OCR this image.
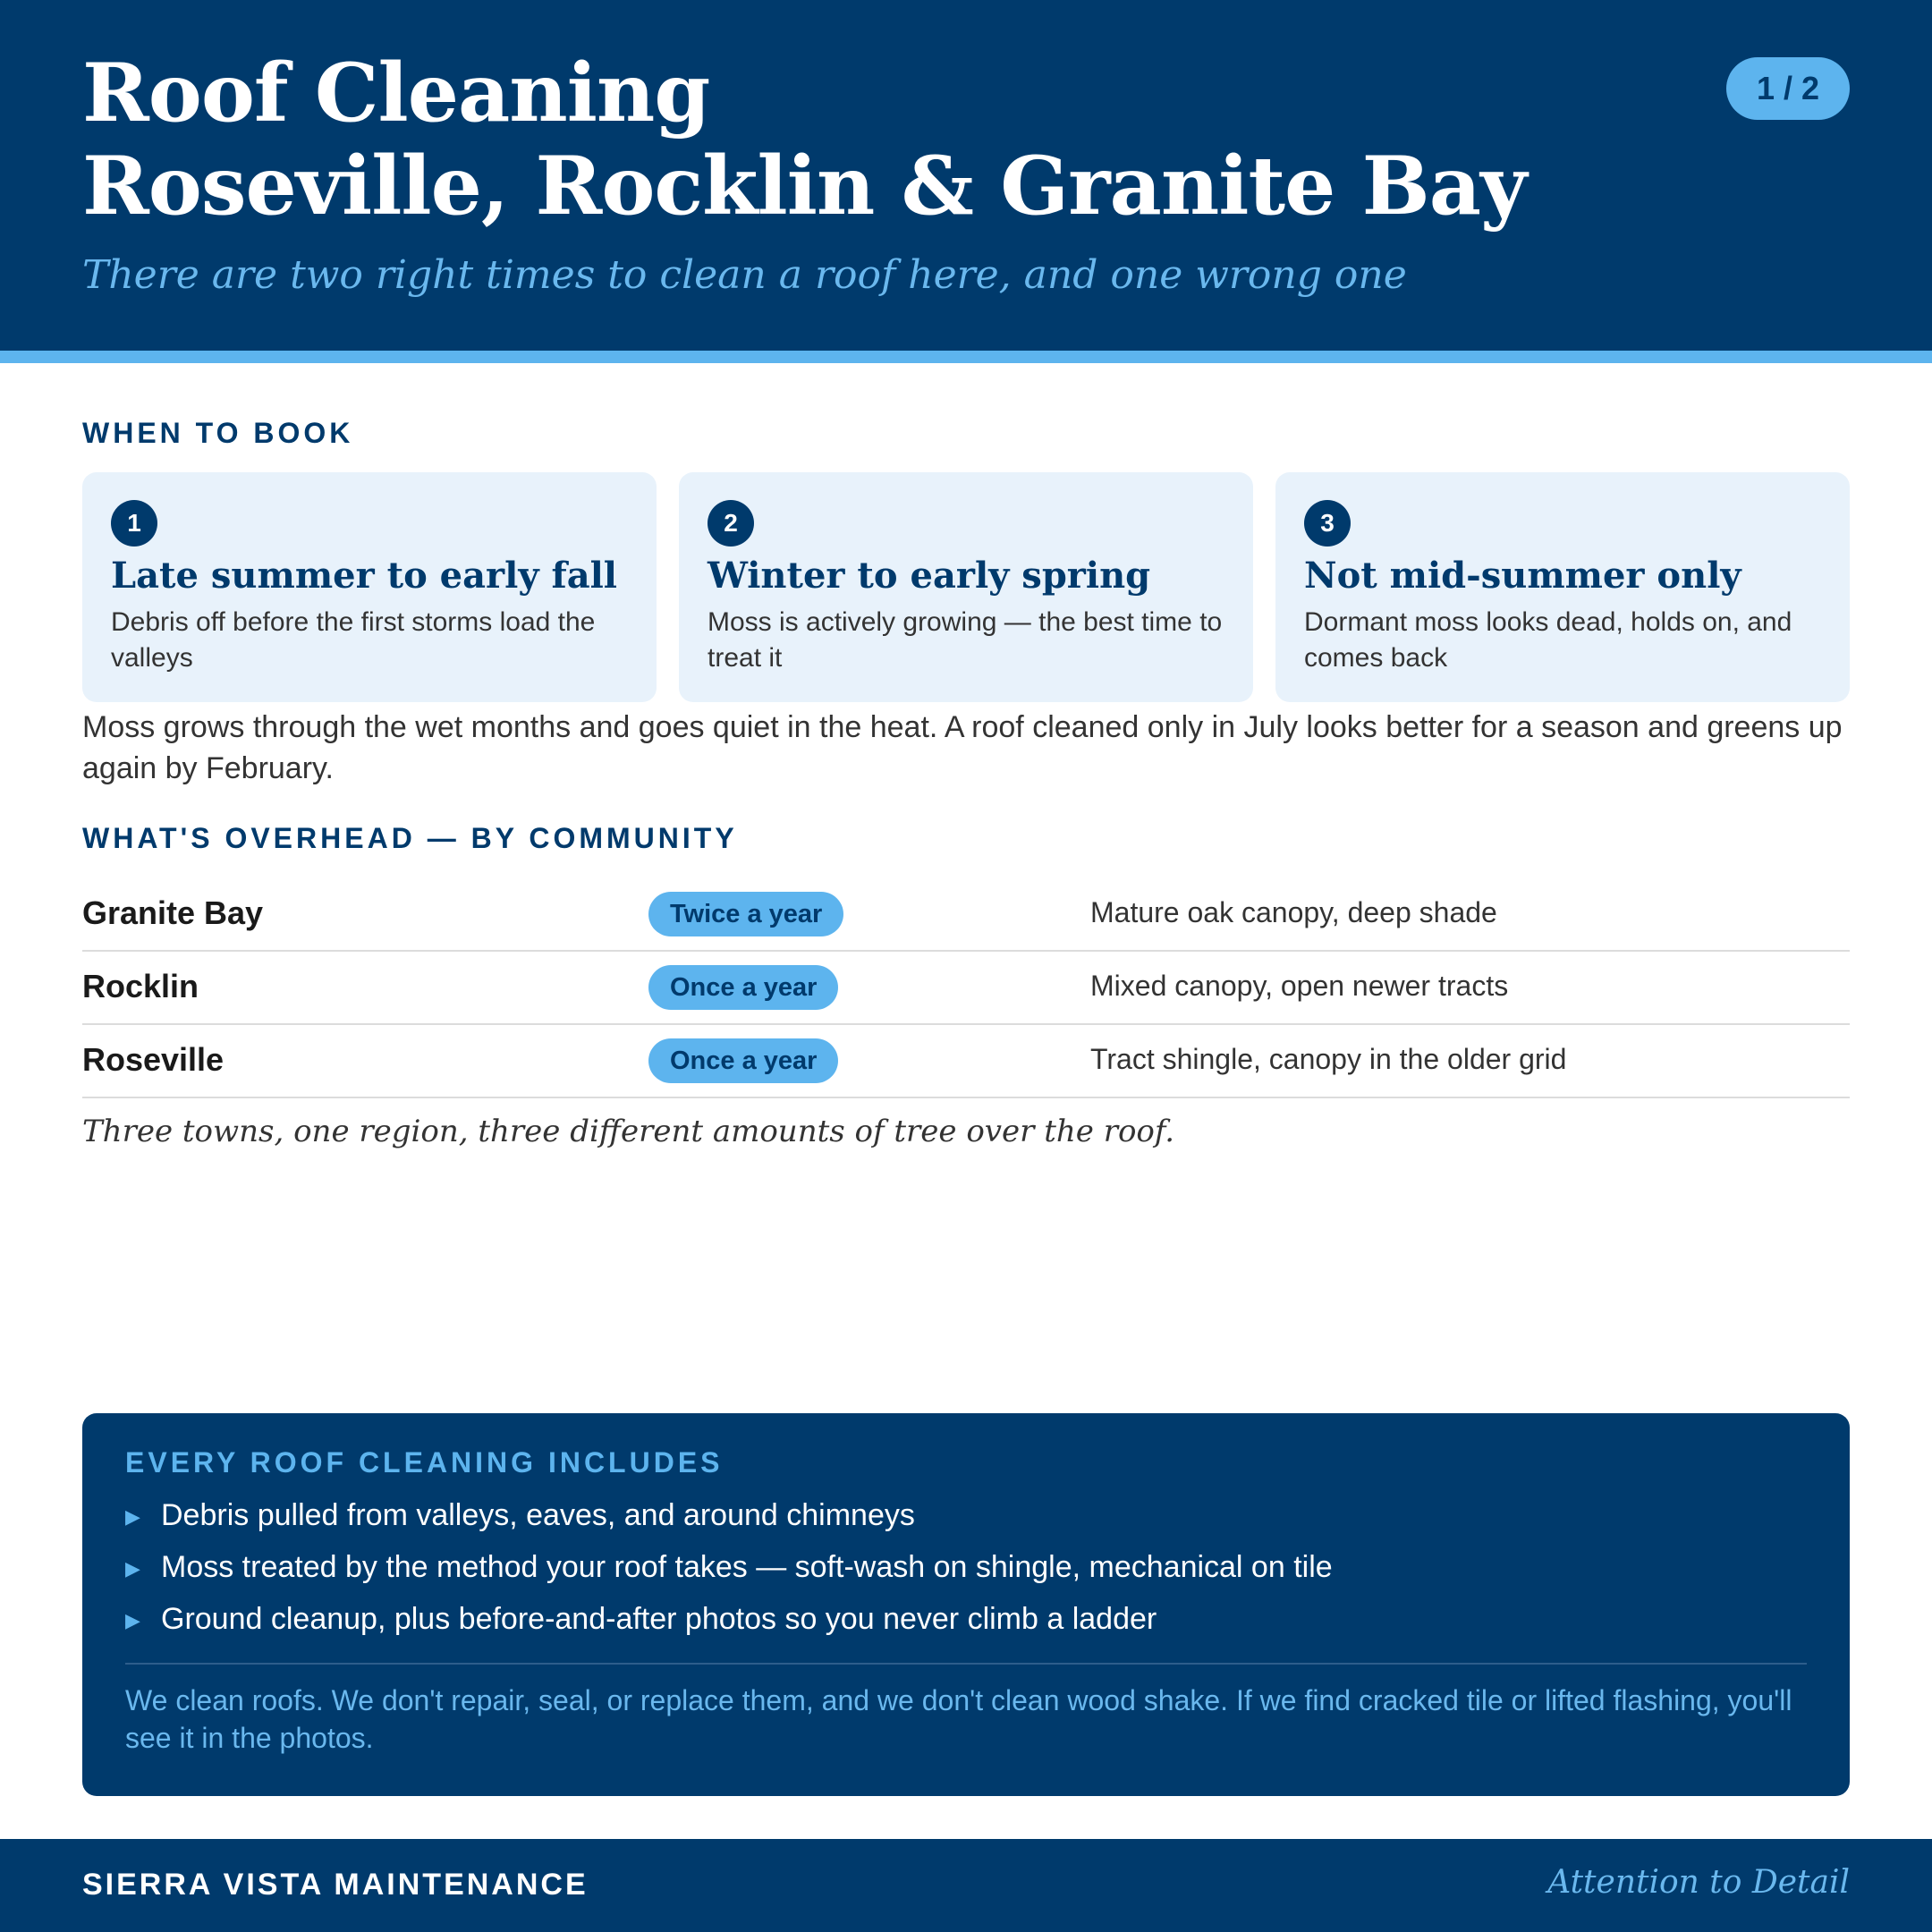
Roof Cleaning
Roseville, Rocklin & Granite Bay
There are two right times to clean a roof here, and one wrong one
1 / 2
WHEN TO BOOK
1
Late summer to early fall
Debris off before the first storms load the valleys
2
Winter to early spring
Moss is actively growing — the best time to treat it
3
Not mid-summer only
Dormant moss looks dead, holds on, and comes back
Moss grows through the wet months and goes quiet in the heat. A roof cleaned only in July looks better for a season and greens up again by February.
WHAT'S OVERHEAD — BY COMMUNITY
Granite Bay	Twice a year	Mature oak canopy, deep shade
Rocklin	Once a year	Mixed canopy, open newer tracts
Roseville	Once a year	Tract shingle, canopy in the older grid
Three towns, one region, three different amounts of tree over the roof.
EVERY ROOF CLEANING INCLUDES
▶ Debris pulled from valleys, eaves, and around chimneys
▶ Moss treated by the method your roof takes — soft-wash on shingle, mechanical on tile
▶ Ground cleanup, plus before-and-after photos so you never climb a ladder
We clean roofs. We don't repair, seal, or replace them, and we don't clean wood shake. If we find cracked tile or lifted flashing, you'll see it in the photos.
SIERRA VISTA MAINTENANCE	Attention to Detail
